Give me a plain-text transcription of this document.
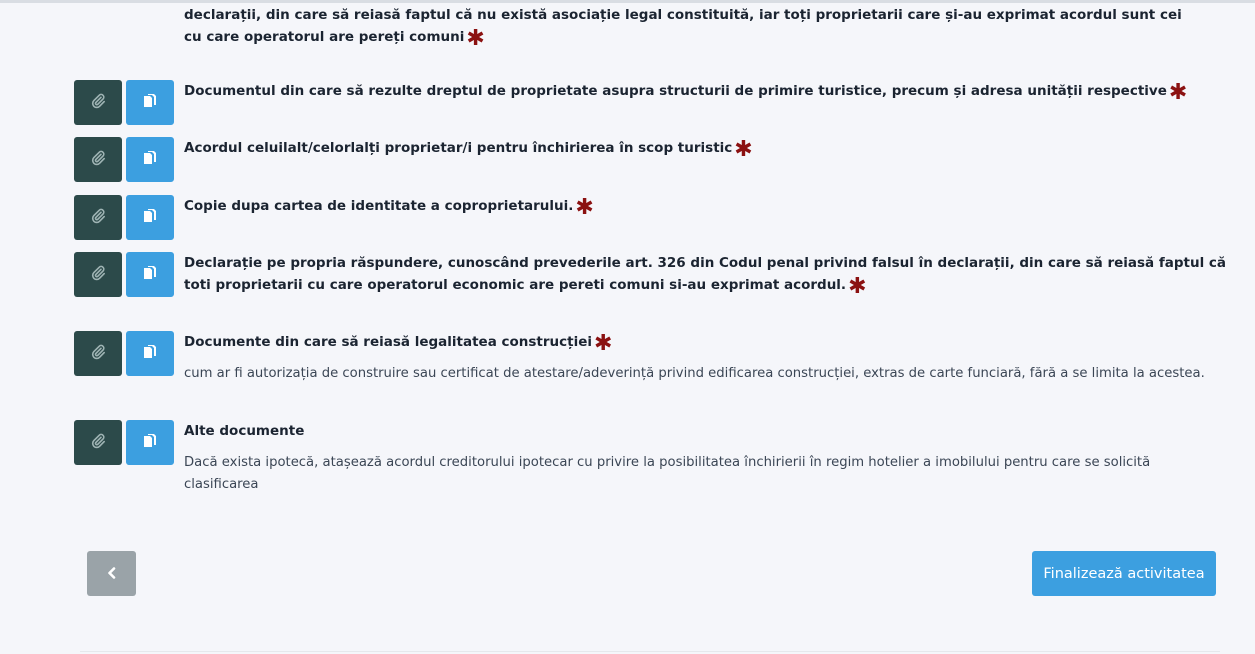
declarații, din care să reiasă faptul că nu există asociație legal constituită, iar toți proprietarii care și-au exprimat acordul sunt cei cu care operatorul are pereți comuni✱
Documentul din care să rezulte dreptul de proprietate asupra structurii de primire turistice, precum și adresa unității respective✱
Acordul celuilalt/celorlalți proprietar/i pentru închirierea în scop turistic✱
Copie dupa cartea de identitate a coproprietarului.✱
Declarație pe propria răspundere, cunoscând prevederile art. 326 din Codul penal privind falsul în declarații, din care să reiasă faptul că toti proprietarii cu care operatorul economic are pereti comuni si-au exprimat acordul.✱
Documente din care să reiasă legalitatea construcției✱
cum ar fi autorizația de construire sau certificat de atestare/adeverință privind edificarea construcției, extras de carte funciară, fără a se limita la acestea.
Alte documente
Dacă exista ipotecă, atașează acordul creditorului ipotecar cu privire la posibilitatea închirierii în regim hotelier a imobilului pentru care se solicită clasificarea
Finalizează activitatea
